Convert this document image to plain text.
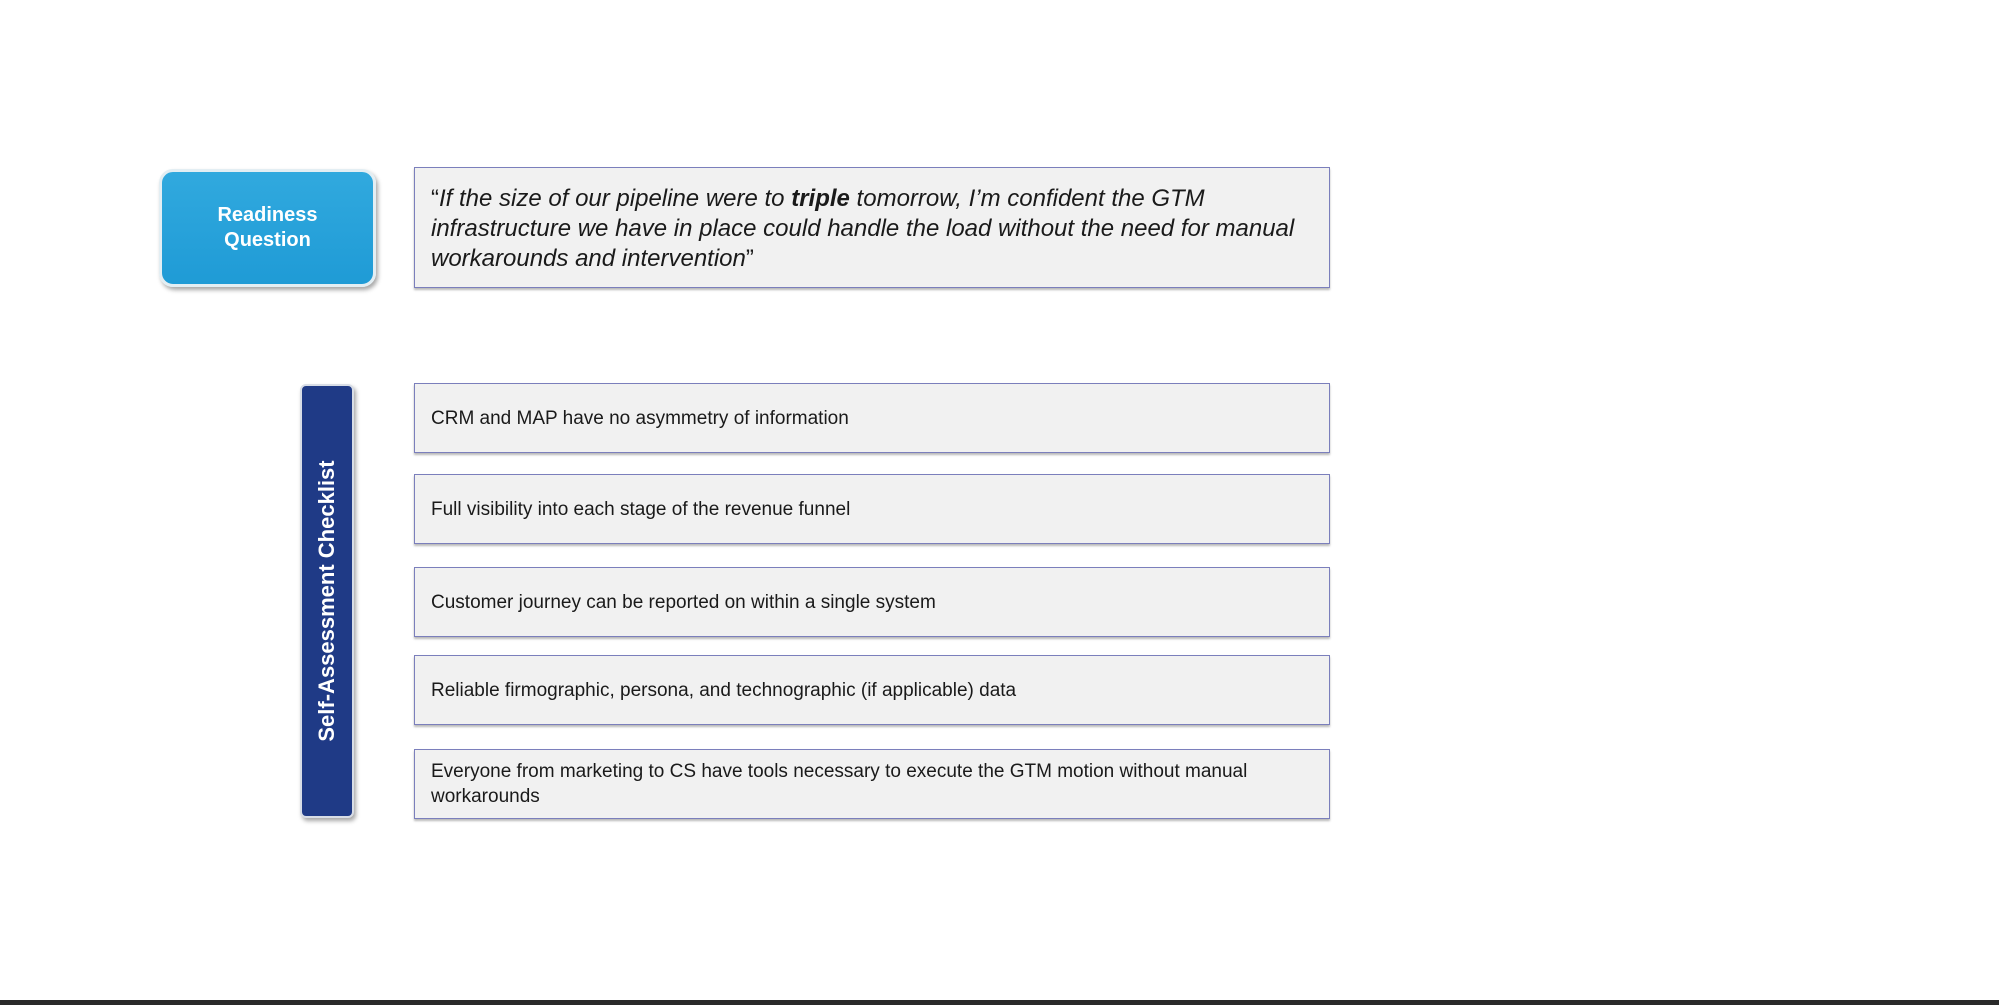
Readiness Question
“If the size of our pipeline were to triple tomorrow, I’m confident the GTM infrastructure we have in place could handle the load without the need for manual workarounds and intervention”
Self-Assessment Checklist
CRM and MAP have no asymmetry of information
Full visibility into each stage of the revenue funnel
Customer journey can be reported on within a single system
Reliable firmographic, persona, and technographic (if applicable) data
Everyone from marketing to CS have tools necessary to execute the GTM motion without manual workarounds
